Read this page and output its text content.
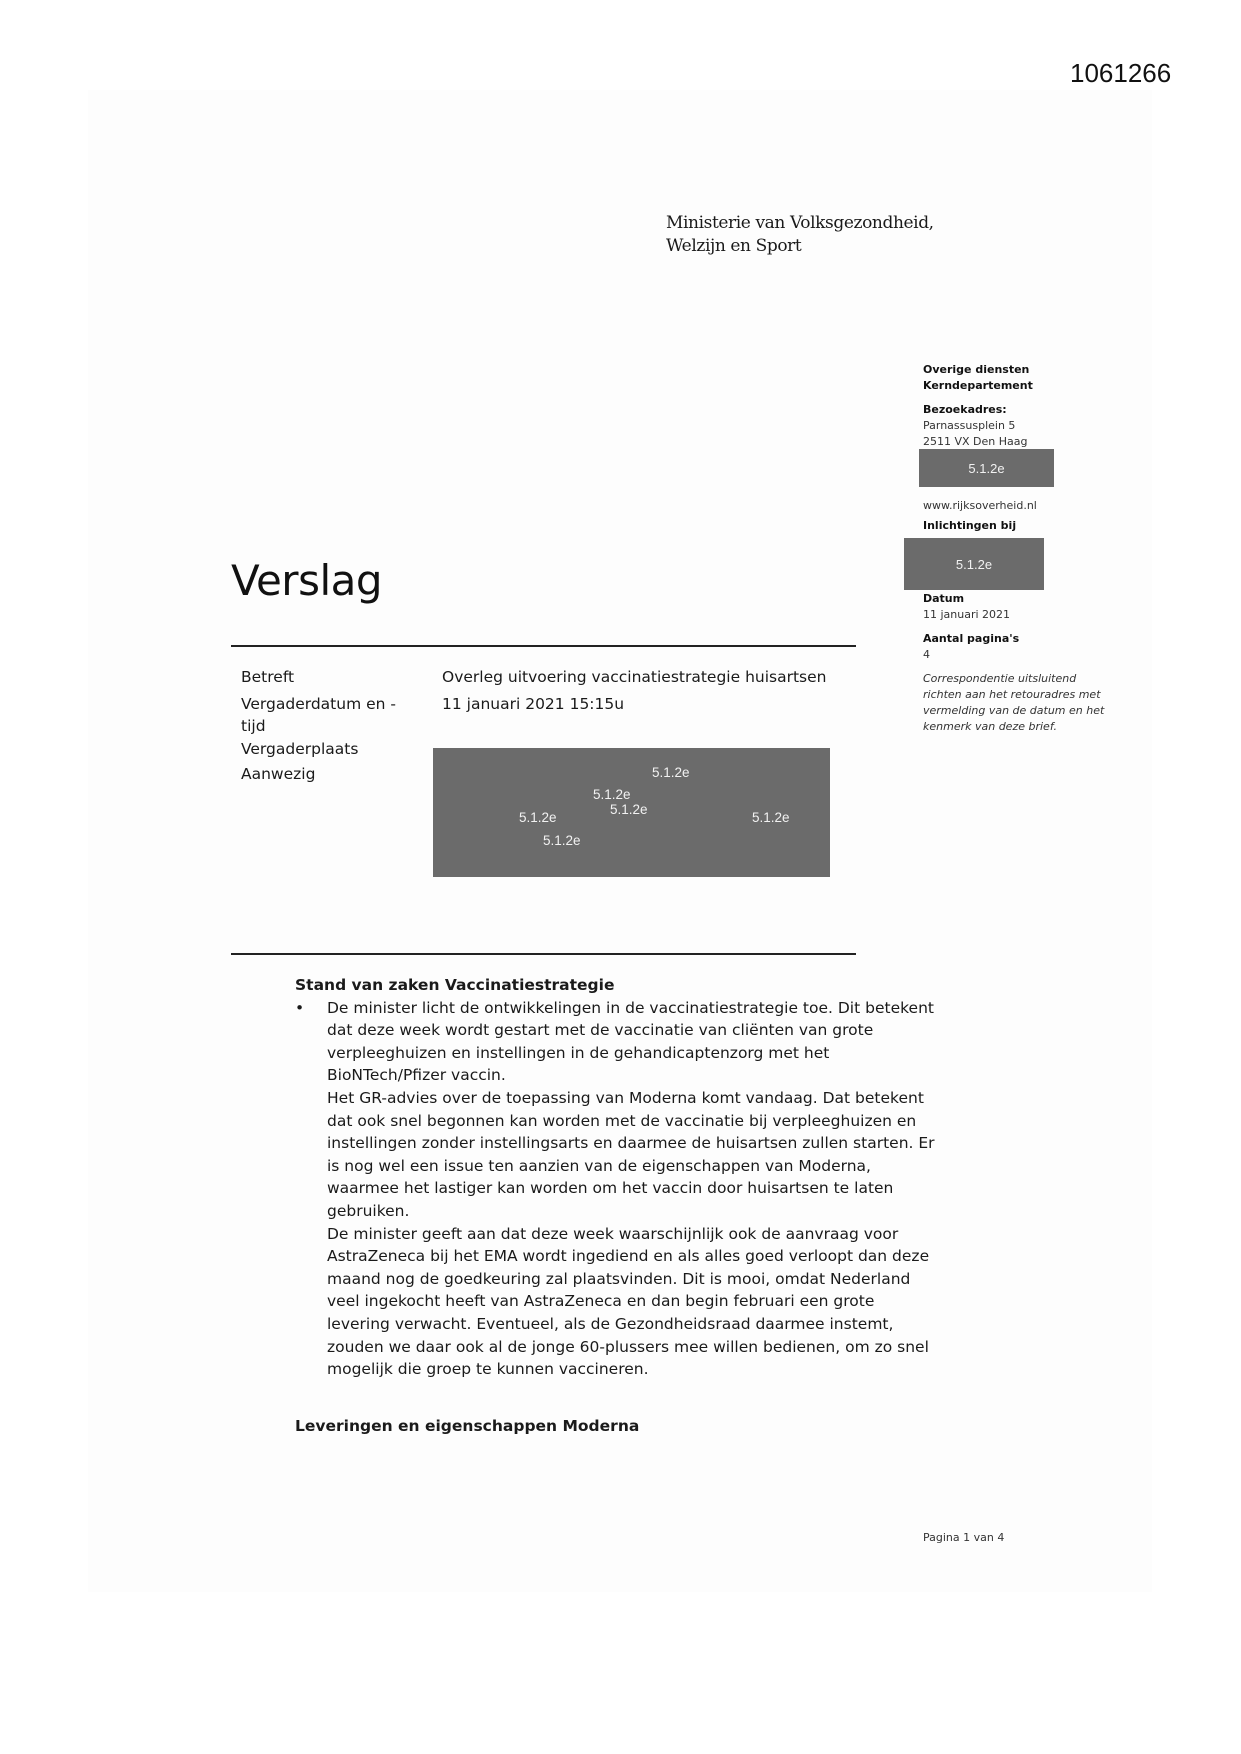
1061266
Ministerie van Volksgezondheid,
Welzijn en Sport
Overige diensten
Kerndepartement
Bezoekadres:
Parnassusplein 5
2511 VX Den Haag
5.1.2e
www.rijksoverheid.nl
Inlichtingen bij
5.1.2e
Datum
11 januari 2021
Aantal pagina's
4
Correspondentie uitsluitend richten aan het retouradres met vermelding van de datum en het kenmerk van deze brief.
Verslag
Betreft
Vergaderdatum en -tijd
Vergaderplaats
Aanwezig
Overleg uitvoering vaccinatiestrategie huisartsen
11 januari 2021 15:15u
5.1.2e
5.1.2e
5.1.2e
5.1.2e	5.1.2e
5.1.2e
Stand van zaken Vaccinatiestrategie
•	De minister licht de ontwikkelingen in de vaccinatiestrategie toe. Dit betekent dat deze week wordt gestart met de vaccinatie van cliënten van grote verpleeghuizen en instellingen in de gehandicaptenzorg met het BioNTech/Pfizer vaccin.

Het GR-advies over de toepassing van Moderna komt vandaag. Dat betekent dat ook snel begonnen kan worden met de vaccinatie bij verpleeghuizen en instellingen zonder instellingsarts en daarmee de huisartsen zullen starten. Er is nog wel een issue ten aanzien van de eigenschappen van Moderna, waarmee het lastiger kan worden om het vaccin door huisartsen te laten gebruiken.

De minister geeft aan dat deze week waarschijnlijk ook de aanvraag voor AstraZeneca bij het EMA wordt ingediend en als alles goed verloopt dan deze maand nog de goedkeuring zal plaatsvinden. Dit is mooi, omdat Nederland veel ingekocht heeft van AstraZeneca en dan begin februari een grote levering verwacht. Eventueel, als de Gezondheidsraad daarmee instemt, zouden we daar ook al de jonge 60-plussers mee willen bedienen, om zo snel mogelijk die groep te kunnen vaccineren.

Leveringen en eigenschappen Moderna
Pagina 1 van 4
